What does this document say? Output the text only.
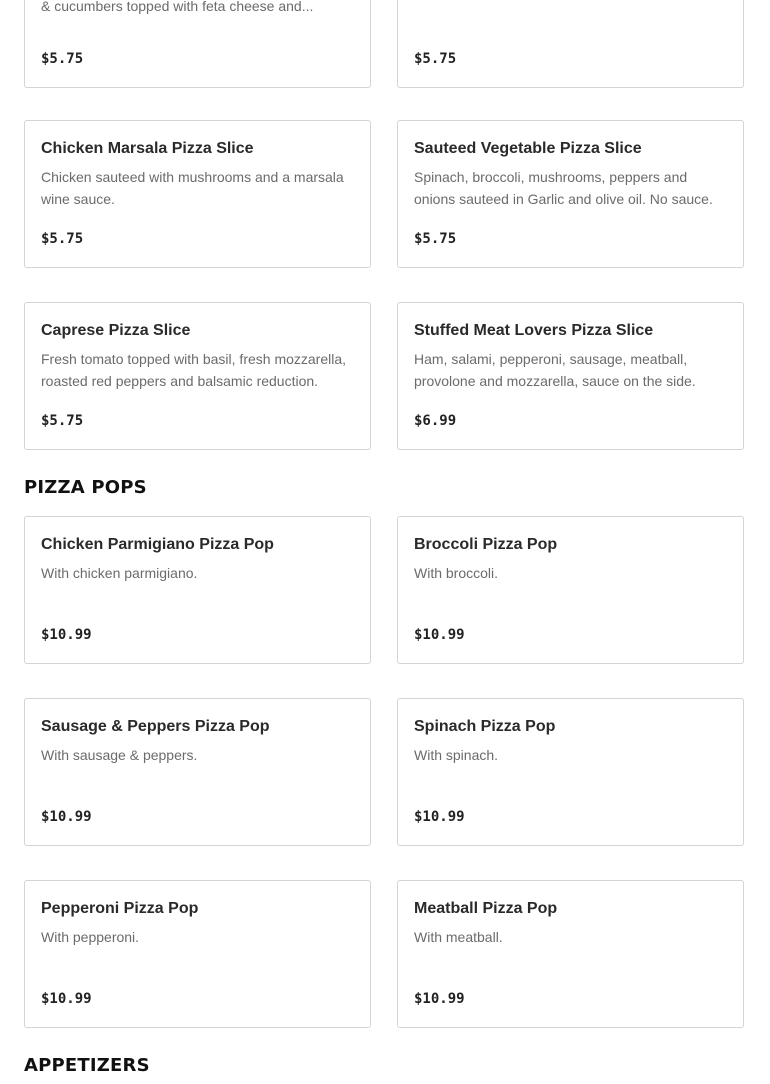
& cucumbers topped with feta cheese and...
$5.75	$5.75
Chicken Marsala Pizza Slice
Chicken sauteed with mushrooms and a marsala wine sauce.
$5.75
Sauteed Vegetable Pizza Slice
Spinach, broccoli, mushrooms, peppers and onions sauteed in Garlic and olive oil. No sauce.
$5.75
Caprese Pizza Slice
Fresh tomato topped with basil, fresh mozzarella, roasted red peppers and balsamic reduction.
$5.75
Stuffed Meat Lovers Pizza Slice
Ham, salami, pepperoni, sausage, meatball, provolone and mozzarella, sauce on the side.
$6.99
PIZZA POPS
Chicken Parmigiano Pizza Pop
With chicken parmigiano.
$10.99
Broccoli Pizza Pop
With broccoli.
$10.99
Sausage & Peppers Pizza Pop
With sausage & peppers.
$10.99
Spinach Pizza Pop
With spinach.
$10.99
Pepperoni Pizza Pop
With pepperoni.
$10.99
Meatball Pizza Pop
With meatball.
$10.99
APPETIZERS
